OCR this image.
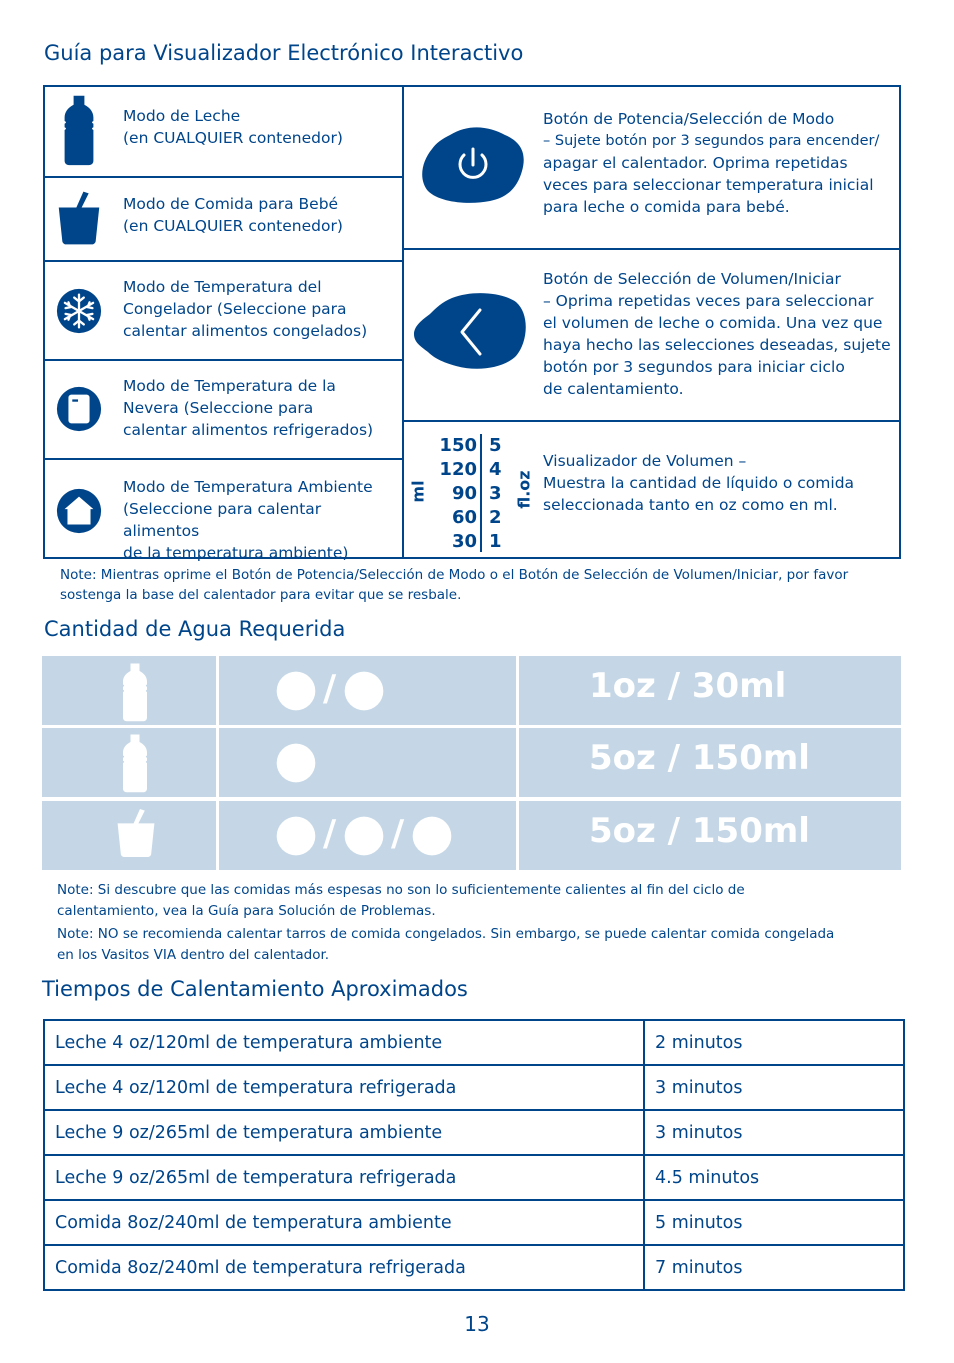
Guía para Visualizador Electrónico Interactivo
Modo de Leche
(en CUALQUIER contenedor)
Modo de Comida para Bebé
(en CUALQUIER contenedor)
Modo de Temperatura del
Congelador (Seleccione para
calentar alimentos congelados)
Modo de Temperatura de la
Nevera (Seleccione para
calentar alimentos refrigerados)
Modo de Temperatura Ambiente
(Seleccione para calentar alimentos
de la temperatura ambiente)
Botón de Potencia/Selección de Modo
– Sujete botón por 3 segundos para encender/
apagar el calentador. Oprima repetidas
veces para seleccionar temperatura inicial
para leche o comida para bebé.
Botón de Selección de Volumen/Iniciar
– Oprima repetidas veces para seleccionar
el volumen de leche o comida. Una vez que
haya hecho las selecciones deseadas, sujete
botón por 3 segundos para iniciar ciclo
de calentamiento.
ml
150
120
90
60
30
5
4
3
2
1
fl.oz
Visualizador de Volumen –
Muestra la cantidad de líquido o comida
seleccionada tanto en oz como en ml.
Note: Mientras oprime el Botón de Potencia/Selección de Modo o el Botón de Selección de Volumen/Iniciar, por favor
sostenga la base del calentador para evitar que se resbale.
Cantidad de Agua Requerida
/	1oz / 30ml
5oz / 150ml
/ /	5oz / 150ml
Note: Si descubre que las comidas más espesas no son lo suficientemente calientes al fin del ciclo de
calentamiento, vea la Guía para Solución de Problemas.
Note: NO se recomienda calentar tarros de comida congelados. Sin embargo, se puede calentar comida congelada
en los Vasitos VIA dentro del calentador.
Tiempos de Calentamiento Aproximados
Leche 4 oz/120ml de temperatura ambiente	2 minutos
Leche 4 oz/120ml de temperatura refrigerada	3 minutos
Leche 9 oz/265ml de temperatura ambiente	3 minutos
Leche 9 oz/265ml de temperatura refrigerada	4.5 minutos
Comida 8oz/240ml de temperatura ambiente	5 minutos
Comida 8oz/240ml de temperatura refrigerada	7 minutos
13
